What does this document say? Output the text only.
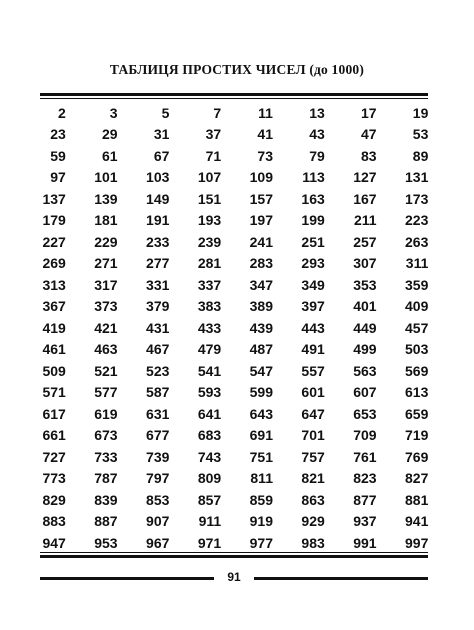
ТАБЛИЦЯ ПРОСТИХ ЧИСЕЛ (до 1000)
2	3	5	7	11	13	17	19
23	29	31	37	41	43	47	53
59	61	67	71	73	79	83	89
97	101	103	107	109	113	127	131
137	139	149	151	157	163	167	173
179	181	191	193	197	199	211	223
227	229	233	239	241	251	257	263
269	271	277	281	283	293	307	311
313	317	331	337	347	349	353	359
367	373	379	383	389	397	401	409
419	421	431	433	439	443	449	457
461	463	467	479	487	491	499	503
509	521	523	541	547	557	563	569
571	577	587	593	599	601	607	613
617	619	631	641	643	647	653	659
661	673	677	683	691	701	709	719
727	733	739	743	751	757	761	769
773	787	797	809	811	821	823	827
829	839	853	857	859	863	877	881
883	887	907	911	919	929	937	941
947	953	967	971	977	983	991	997
91
